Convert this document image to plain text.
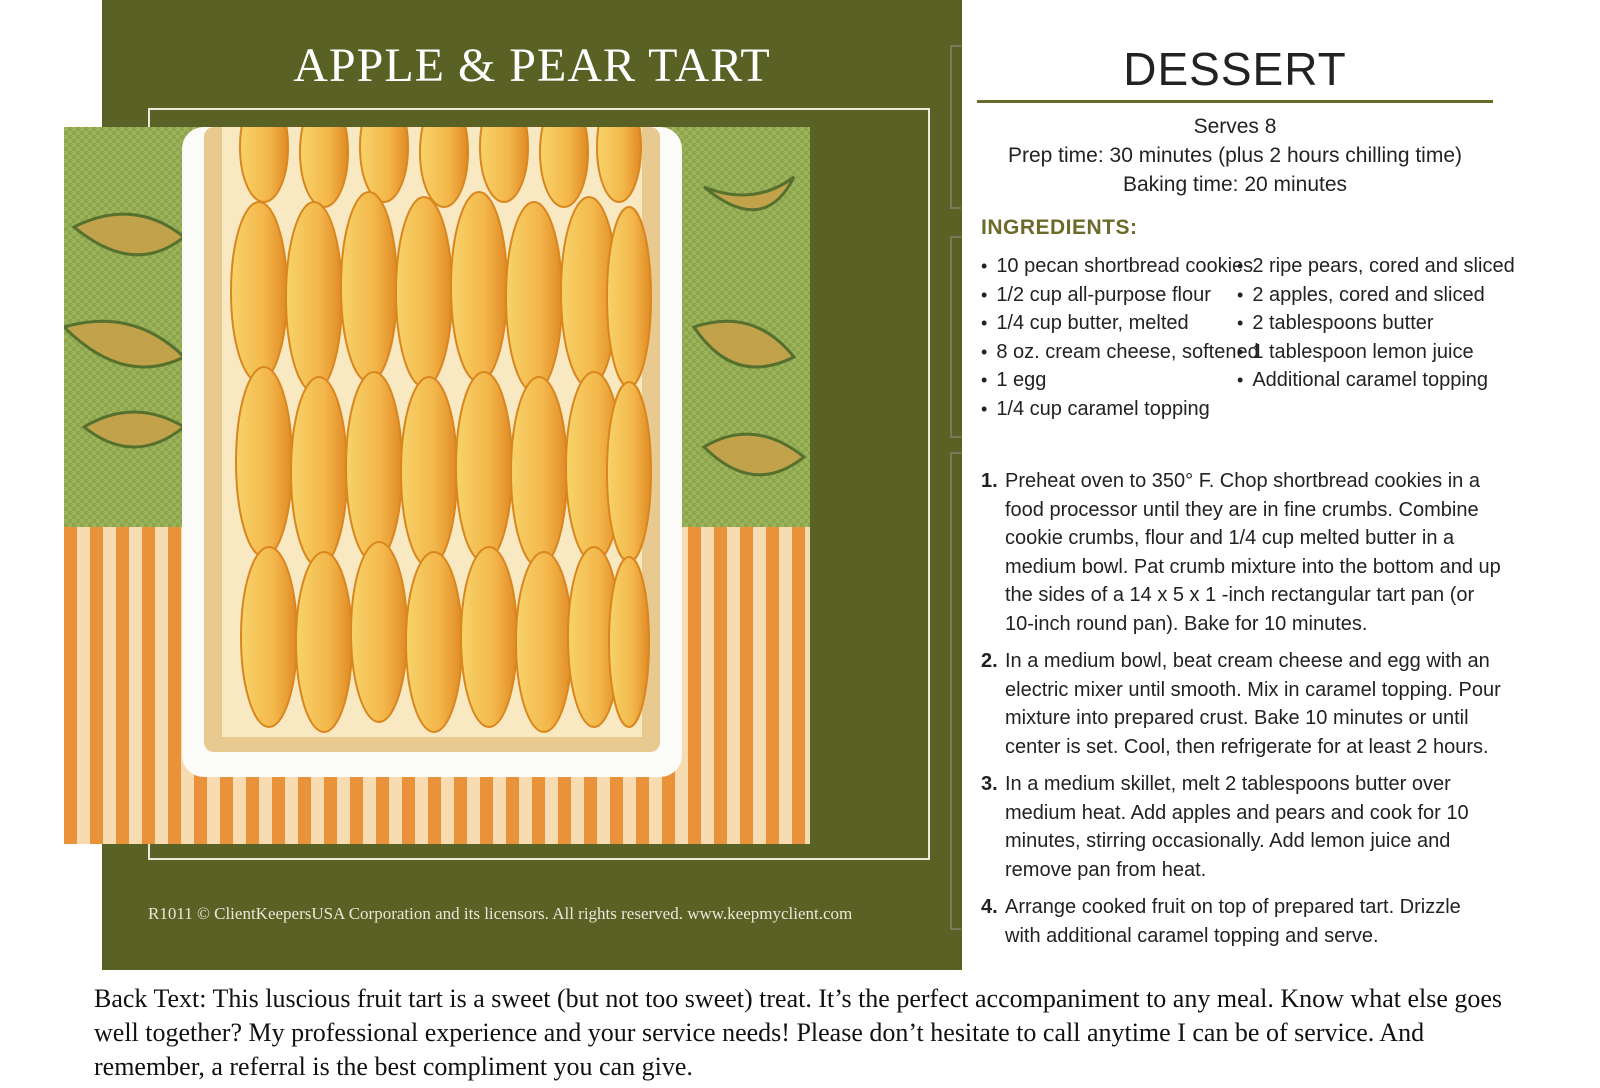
APPLE & PEAR TART
R1011 © ClientKeepersUSA Corporation and its licensors. All rights reserved. www.keepmyclient.com
DESSERT
Serves 8
Prep time: 30 minutes (plus 2 hours chilling time)
Baking time: 20 minutes
INGREDIENTS:
• 10 pecan shortbread cookies
• 1/2 cup all-purpose flour
• 1/4 cup butter, melted
• 8 oz. cream cheese, softened
• 1 egg
• 1/4 cup caramel topping
• 2 ripe pears, cored and sliced
• 2 apples, cored and sliced
• 2 tablespoons butter
• 1 tablespoon lemon juice
• Additional caramel topping
1. Preheat oven to 350° F. Chop shortbread cookies in a food processor until they are in fine crumbs. Combine cookie crumbs, flour and 1/4 cup melted butter in a medium bowl. Pat crumb mixture into the bottom and up the sides of a 14 x 5 x 1 -inch rectangular tart pan (or 10-inch round pan). Bake for 10 minutes.
2. In a medium bowl, beat cream cheese and egg with an electric mixer until smooth. Mix in caramel topping. Pour mixture into prepared crust. Bake 10 minutes or until center is set. Cool, then refrigerate for at least 2 hours.
3. In a medium skillet, melt 2 tablespoons butter over medium heat. Add apples and pears and cook for 10 minutes, stirring occasionally. Add lemon juice and remove pan from heat.
4. Arrange cooked fruit on top of prepared tart. Drizzle with additional caramel topping and serve.
Back Text: This luscious fruit tart is a sweet (but not too sweet) treat. It’s the perfect accompaniment to any meal. Know what else goes well together? My professional experience and your service needs! Please don’t hesitate to call anytime I can be of service. And remember, a referral is the best compliment you can give.
